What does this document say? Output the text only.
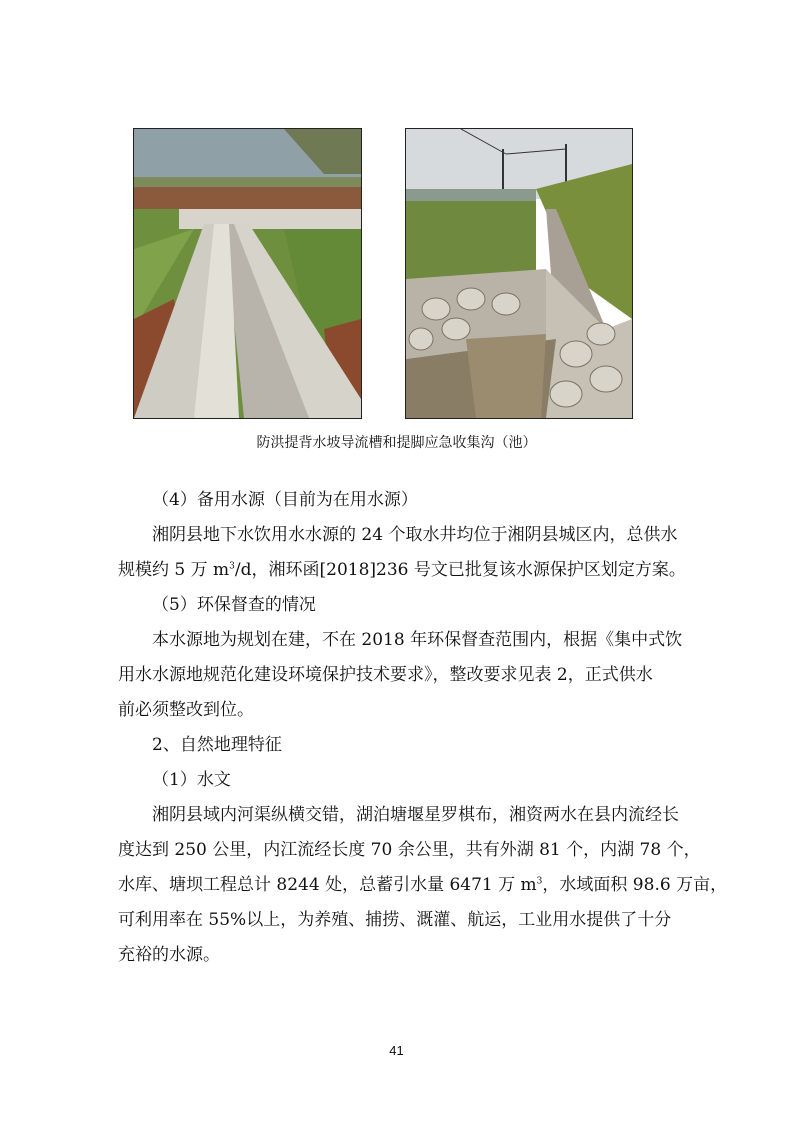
防洪提背水坡导流槽和提脚应急收集沟（池）

（4）备用水源（目前为在用水源）

湘阴县地下水饮用水水源的 24 个取水井均位于湘阴县城区内，总供水
规模约 5 万 $m^3/d$，湘环函[2018]236 号文已批复该水源保护区划定方案。

（5）环保督查的情况

本水源地为规划在建，不在 2018 年环保督查范围内，根据《集中式饮
用水水源地规范化建设环境保护技术要求》，整改要求见表 2，正式供水
前必须整改到位。

2、自然地理特征

（1）水文

湘阴县域内河渠纵横交错，湖泊塘堰星罗棋布，湘资两水在县内流经长
度达到 250 公里，内江流经长度 70 余公里，共有外湖 81 个，内湖 78 个，
水库、塘坝工程总计 8244 处，总蓄引水量 6471 万 $m^3$，水域面积 98.6 万亩，
可利用率在 55%以上，为养殖、捕捞、溉灌、航运，工业用水提供了十分
充裕的水源。

41
